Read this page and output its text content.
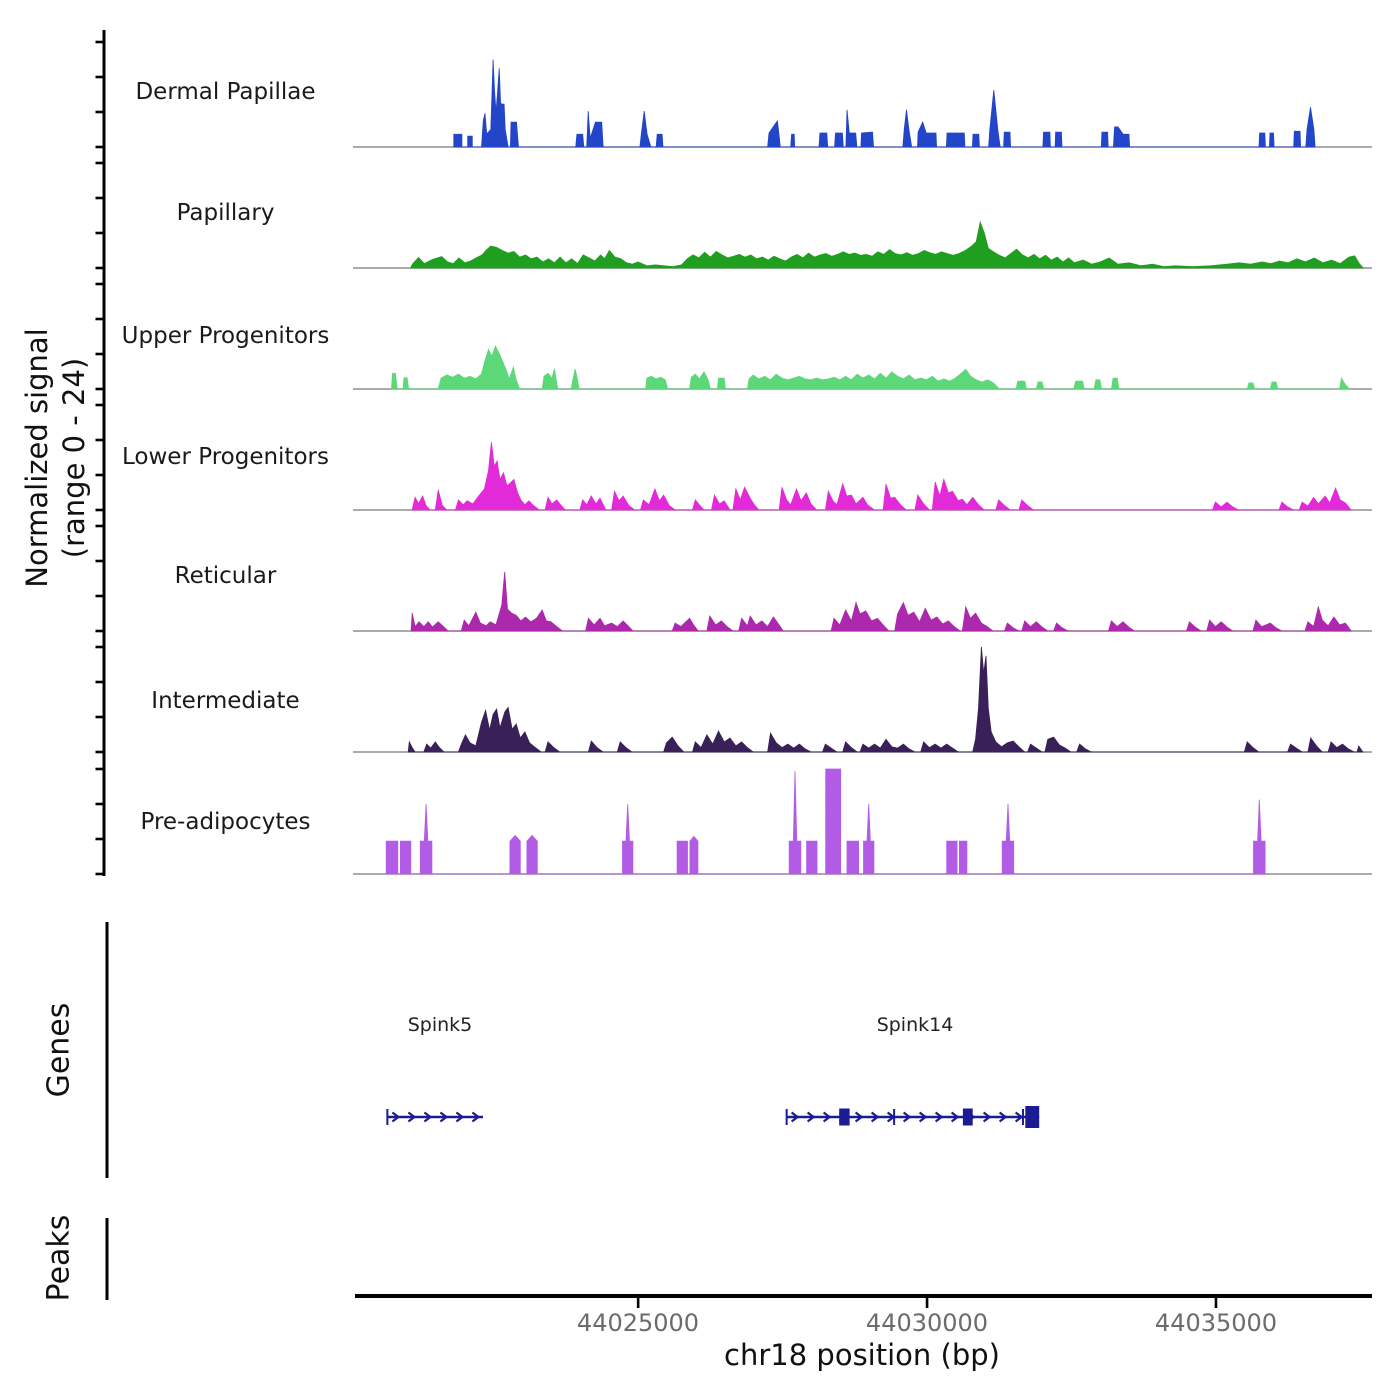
Normalized signal (range 0 - 24)
Genes
Peaks
Dermal Papillae
Papillary
Upper Progenitors
Lower Progenitors
Reticular
Intermediate
Pre-adipocytes
Spink5	Spink14
44025000	44030000	44035000
chr18 position (bp)
